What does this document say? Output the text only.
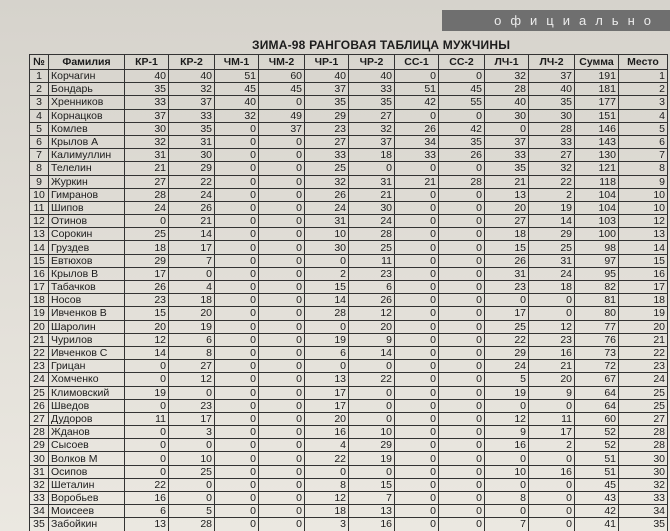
официально
ЗИМА-98 РАНГОВАЯ ТАБЛИЦА МУЖЧИНЫ
№	Фамилия	КР-1	КР-2	ЧМ-1	ЧМ-2	ЧР-1	ЧР-2	СС-1	СС-2	ЛЧ-1	ЛЧ-2	Сумма	Место
1	Корчагин	40	40	51	60	40	40	0	0	32	37	191	1
2	Бондарь	35	32	45	45	37	33	51	45	28	40	181	2
3	Хренников	33	37	40	0	35	35	42	55	40	35	177	3
4	Корнацков	37	33	32	49	29	27	0	0	30	30	151	4
5	Комлев	30	35	0	37	23	32	26	42	0	28	146	5
6	Крылов А	32	31	0	0	27	37	34	35	37	33	143	6
7	Калимуллин	31	30	0	0	33	18	33	26	33	27	130	7
8	Телелин	21	29	0	0	25	0	0	0	35	32	121	8
9	Журкин	27	22	0	0	32	31	21	28	21	22	118	9
10	Гимранов	28	24	0	0	26	21	0	0	13	2	104	10
11	Шипов	24	26	0	0	24	30	0	0	20	19	104	10
12	Отинов	0	21	0	0	31	24	0	0	27	14	103	12
13	Сорокин	25	14	0	0	10	28	0	0	18	29	100	13
14	Груздев	18	17	0	0	30	25	0	0	15	25	98	14
15	Евтюхов	29	7	0	0	0	11	0	0	26	31	97	15
16	Крылов В	17	0	0	0	2	23	0	0	31	24	95	16
17	Табачков	26	4	0	0	15	6	0	0	23	18	82	17
18	Носов	23	18	0	0	14	26	0	0	0	0	81	18
19	Ивченков В	15	20	0	0	28	12	0	0	17	0	80	19
20	Шаролин	20	19	0	0	0	20	0	0	25	12	77	20
21	Чурилов	12	6	0	0	19	9	0	0	22	23	76	21
22	Ивченков С	14	8	0	0	6	14	0	0	29	16	73	22
23	Грицан	0	27	0	0	0	0	0	0	24	21	72	23
24	Хомченко	0	12	0	0	13	22	0	0	5	20	67	24
25	Климовский	19	0	0	0	17	0	0	0	19	9	64	25
26	Шведов	0	23	0	0	17	0	0	0	0	0	64	25
27	Дудоров	11	17	0	0	20	0	0	0	12	11	60	27
28	Жданов	0	3	0	0	16	10	0	0	9	17	52	28
29	Сысоев	0	0	0	0	4	29	0	0	16	2	52	28
30	Волков М	0	10	0	0	22	19	0	0	0	0	51	30
31	Осипов	0	25	0	0	0	0	0	0	10	16	51	30
32	Шеталин	22	0	0	0	8	15	0	0	0	0	45	32
33	Воробьев	16	0	0	0	12	7	0	0	8	0	43	33
34	Моисеев	6	5	0	0	18	13	0	0	0	0	42	34
35	Забойкин	13	28	0	0	3	16	0	0	7	0	41	35
